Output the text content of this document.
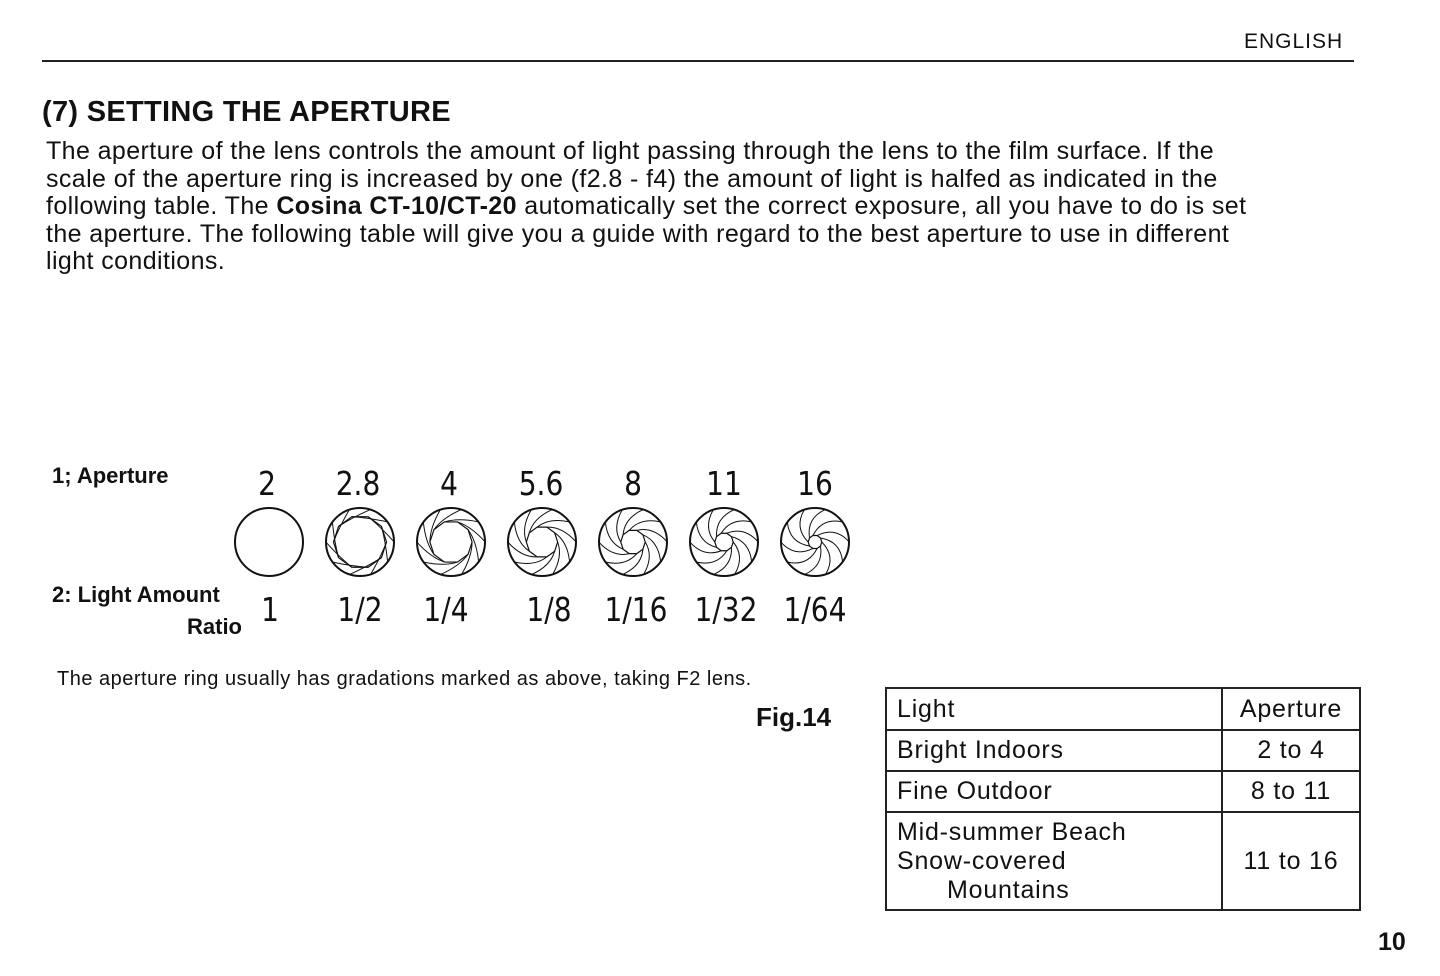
ENGLISH
(7) SETTING THE APERTURE
The aperture of the lens controls the amount of light passing through the lens to the film surface. If the scale of the aperture ring is increased by one (f2.8 - f4) the amount of light is halfed as indicated in the following table. The Cosina CT-10/CT-20 automatically set the correct exposure, all you have to do is set the aperture. The following table will give you a guide with regard to the best aperture to use in different light conditions.
1; Aperture
2: Light Amount
Ratio
2	2.8	4	5.6	8	11	16
1	1/2	1/4	1/8 1/16 1/32 1/64
The aperture ring usually has gradations marked as above, taking F2 lens.
Fig.14	Light	Aperture
Bright Indoors	2 to 4
Fine Outdoor	8 to 11

Mid-summer Beach
Snow-covered
Mountains	11 to 16
10
